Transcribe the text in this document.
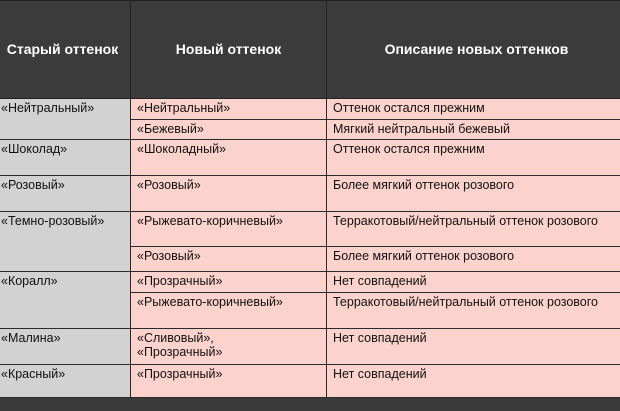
Старый оттенок	Новый оттенок	Описание новых оттенков
«Нейтральный»	«Нейтральный»	Оттенок остался прежним
	«Бежевый»	Мягкий нейтральный бежевый
«Шоколад»	«Шоколадный»	Оттенок остался прежним
«Розовый»	«Розовый»	Более мягкий оттенок розового
«Темно-розовый»	«Рыжевато-коричневый»	Терракотовый/нейтральный оттенок розового
	«Розовый»	Более мягкий оттенок розового
«Коралл»	«Прозрачный»	Нет совпадений
	«Рыжевато-коричневый»	Терракотовый/нейтральный оттенок розового
«Малина»	«Сливовый», «Прозрачный»	Нет совпадений
«Красный»	«Прозрачный»	Нет совпадений
